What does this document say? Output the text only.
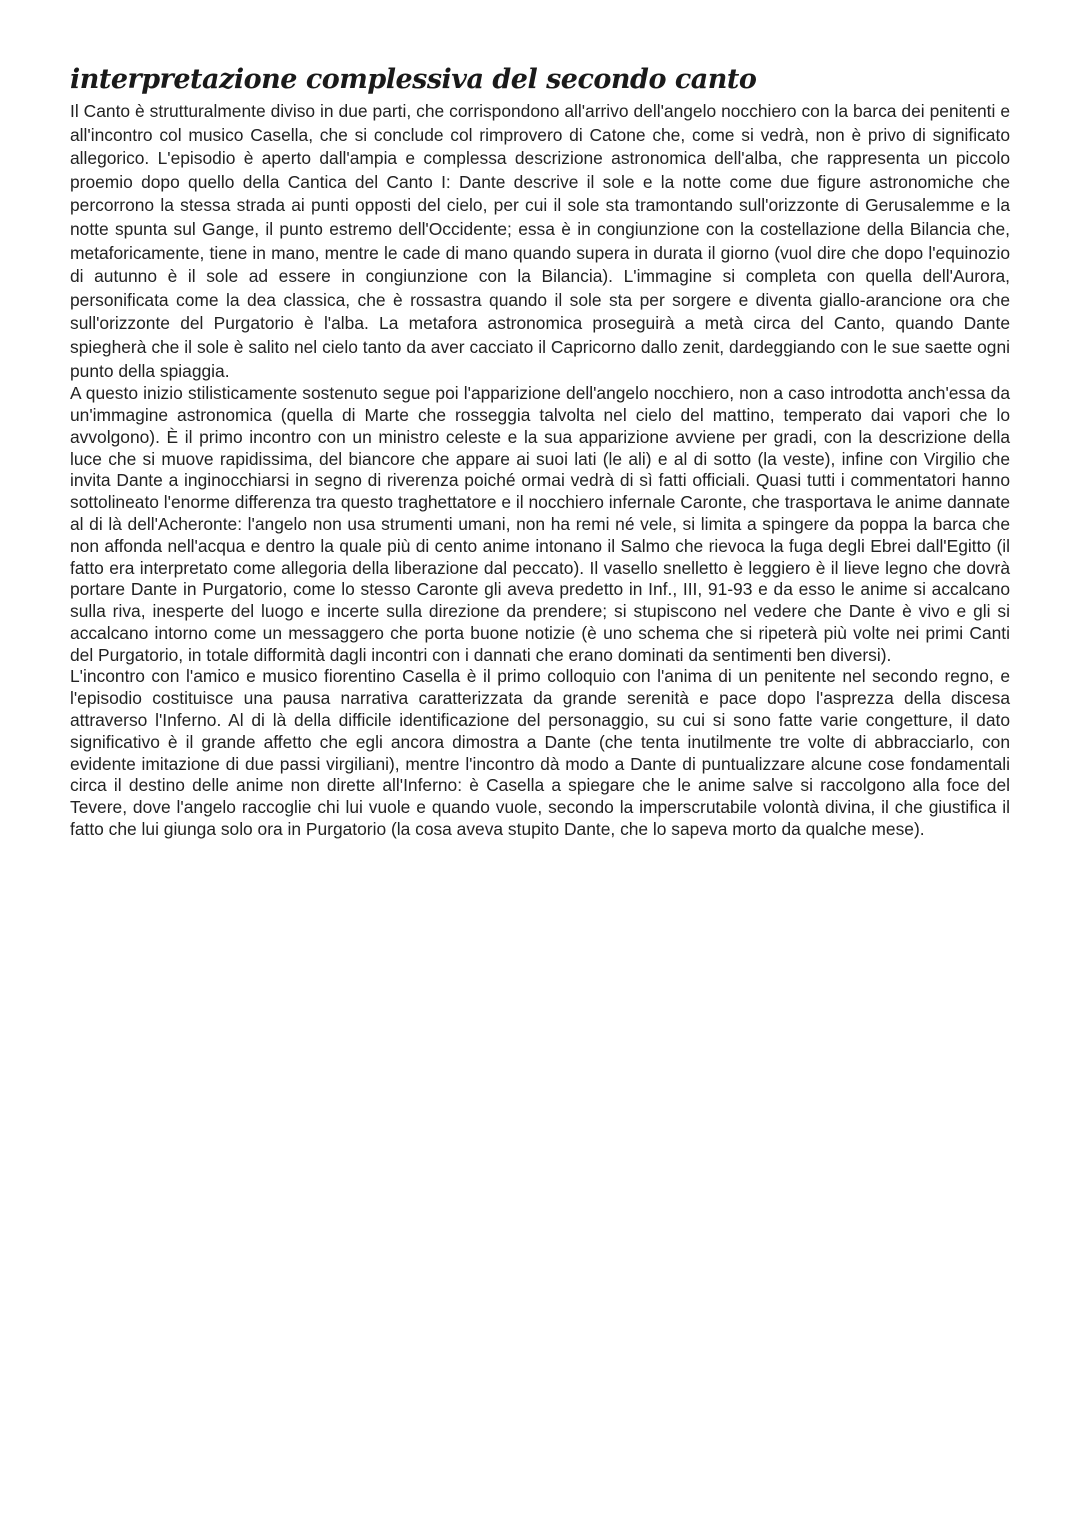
interpretazione complessiva del secondo canto

Il Canto è strutturalmente diviso in due parti, che corrispondono all'arrivo dell'angelo nocchiero con la barca dei penitenti e all'incontro col musico Casella, che si conclude col rimprovero di Catone che, come si vedrà, non è privo di significato allegorico. L'episodio è aperto dall'ampia e complessa descrizione astronomica dell'alba, che rappresenta un piccolo proemio dopo quello della Cantica del Canto I: Dante descrive il sole e la notte come due figure astronomiche che percorrono la stessa strada ai punti opposti del cielo, per cui il sole sta tramontando sull'orizzonte di Gerusalemme e la notte spunta sul Gange, il punto estremo dell'Occidente; essa è in congiunzione con la costellazione della Bilancia che, metaforicamente, tiene in mano, mentre le cade di mano quando supera in durata il giorno (vuol dire che dopo l'equinozio di autunno è il sole ad essere in congiunzione con la Bilancia). L'immagine si completa con quella dell'Aurora, personificata come la dea classica, che è rossastra quando il sole sta per sorgere e diventa giallo-arancione ora che sull'orizzonte del Purgatorio è l'alba. La metafora astronomica proseguirà a metà circa del Canto, quando Dante spiegherà che il sole è salito nel cielo tanto da aver cacciato il Capricorno dallo zenit, dardeggiando con le sue saette ogni punto della spiaggia.

A questo inizio stilisticamente sostenuto segue poi l'apparizione dell'angelo nocchiero, non a caso introdotta anch'essa da un'immagine astronomica (quella di Marte che rosseggia talvolta nel cielo del mattino, temperato dai vapori che lo avvolgono). È il primo incontro con un ministro celeste e la sua apparizione avviene per gradi, con la descrizione della luce che si muove rapidissima, del biancore che appare ai suoi lati (le ali) e al di sotto (la veste), infine con Virgilio che invita Dante a inginocchiarsi in segno di riverenza poiché ormai vedrà di sì fatti officiali. Quasi tutti i commentatori hanno sottolineato l'enorme differenza tra questo traghettatore e il nocchiero infernale Caronte, che trasportava le anime dannate al di là dell'Acheronte: l'angelo non usa strumenti umani, non ha remi né vele, si limita a spingere da poppa la barca che non affonda nell'acqua e dentro la quale più di cento anime intonano il Salmo che rievoca la fuga degli Ebrei dall'Egitto (il fatto era interpretato come allegoria della liberazione dal peccato). Il vasello snelletto è leggiero è il lieve legno che dovrà portare Dante in Purgatorio, come lo stesso Caronte gli aveva predetto in Inf., III, 91-93 e da esso le anime si accalcano sulla riva, inesperte del luogo e incerte sulla direzione da prendere; si stupiscono nel vedere che Dante è vivo e gli si accalcano intorno come un messaggero che porta buone notizie (è uno schema che si ripeterà più volte nei primi Canti del Purgatorio, in totale difformità dagli incontri con i dannati che erano dominati da sentimenti ben diversi).

L'incontro con l'amico e musico fiorentino Casella è il primo colloquio con l'anima di un penitente nel secondo regno, e l'episodio costituisce una pausa narrativa caratterizzata da grande serenità e pace dopo l'asprezza della discesa attraverso l'Inferno. Al di là della difficile identificazione del personaggio, su cui si sono fatte varie congetture, il dato significativo è il grande affetto che egli ancora dimostra a Dante (che tenta inutilmente tre volte di abbracciarlo, con evidente imitazione di due passi virgiliani), mentre l'incontro dà modo a Dante di puntualizzare alcune cose fondamentali circa il destino delle anime non dirette all'Inferno: è Casella a spiegare che le anime salve si raccolgono alla foce del Tevere, dove l'angelo raccoglie chi lui vuole e quando vuole, secondo la imperscrutabile volontà divina, il che giustifica il fatto che lui giunga solo ora in Purgatorio (la cosa aveva stupito Dante, che lo sapeva morto da qualche mese).
